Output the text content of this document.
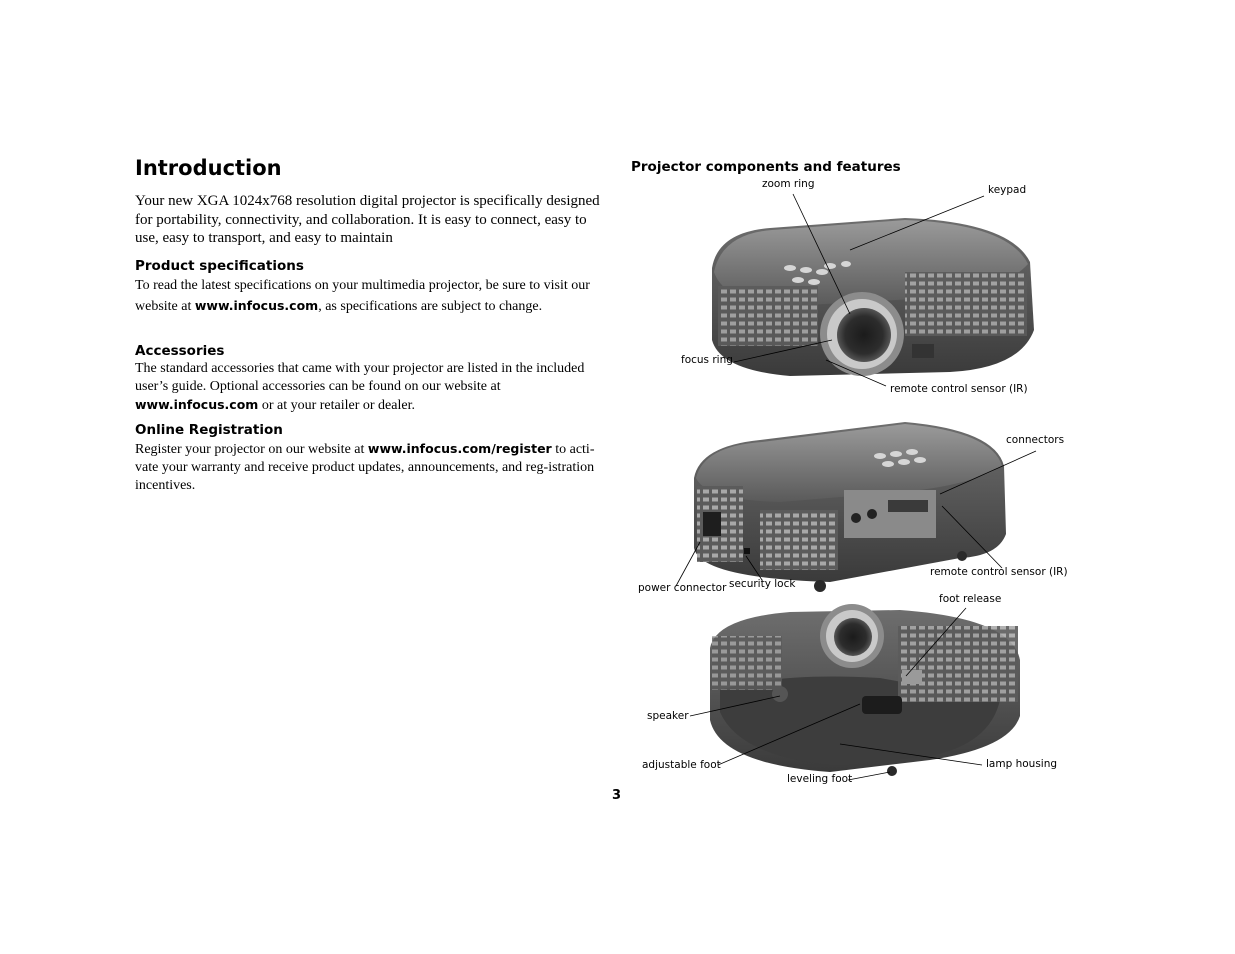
Introduction

Your new XGA 1024x768 resolution digital projector is specifically designed for portability, connectivity, and collaboration. It is easy to connect, easy to use, easy to transport, and easy to maintain

Product specifications

To read the latest specifications on your multimedia projector, be sure to visit our website at www.infocus.com, as specifications are subject to change.

Accessories

The standard accessories that came with your projector are listed in the included user’s guide. Optional accessories can be found on our website at www.infocus.com or at your retailer or dealer.

Online Registration

Register your projector on our website at www.infocus.com/register to acti-vate your warranty and receive product updates, announcements, and reg-istration incentives.

3
Projector components and features
zoom ring	keypad
focus ring
remote control sensor (IR)
connectors
power connector security lock
remote control sensor (IR)
foot release
speaker
adjustable foot	lamp housing
leveling foot
